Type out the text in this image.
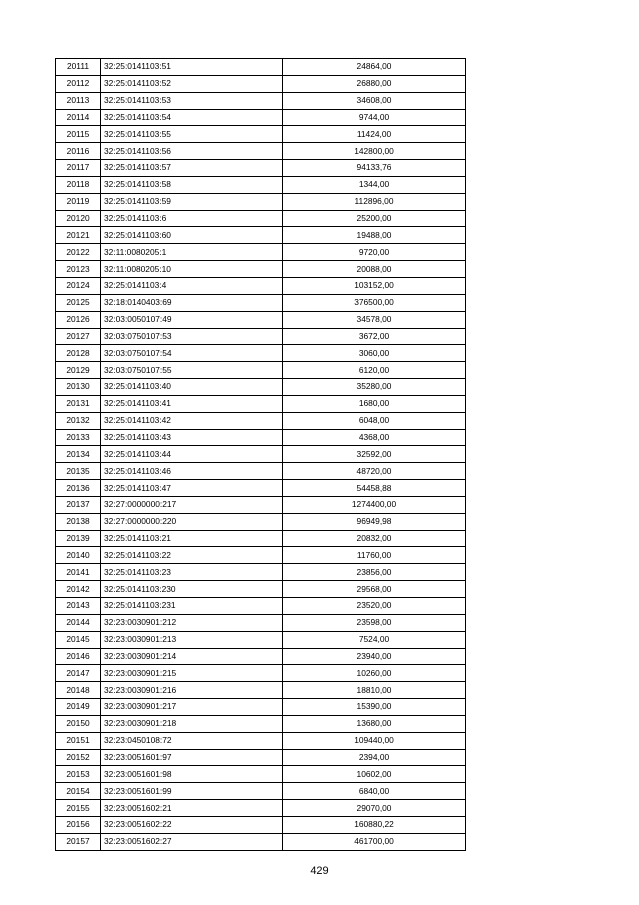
20111	32:25:0141103:51	24864,00
20112	32:25:0141103:52	26880,00
20113	32:25:0141103:53	34608,00
20114	32:25:0141103:54	9744,00
20115	32:25:0141103:55	11424,00
20116	32:25:0141103:56	142800,00
20117	32:25:0141103:57	94133,76
20118	32:25:0141103:58	1344,00
20119	32:25:0141103:59	112896,00
20120	32:25:0141103:6	25200,00
20121	32:25:0141103:60	19488,00
20122	32:11:0080205:1	9720,00
20123	32:11:0080205:10	20088,00
20124	32:25:0141103:4	103152,00
20125	32:18:0140403:69	376500,00
20126	32:03:0050107:49	34578,00
20127	32:03:0750107:53	3672,00
20128	32:03:0750107:54	3060,00
20129	32:03:0750107:55	6120,00
20130	32:25:0141103:40	35280,00
20131	32:25:0141103:41	1680,00
20132	32:25:0141103:42	6048,00
20133	32:25:0141103:43	4368,00
20134	32:25:0141103:44	32592,00
20135	32:25:0141103:46	48720,00
20136	32:25:0141103:47	54458,88
20137	32:27:0000000:217	1274400,00
20138	32:27:0000000:220	96949,98
20139	32:25:0141103:21	20832,00
20140	32:25:0141103:22	11760,00
20141	32:25:0141103:23	23856,00
20142	32:25:0141103:230	29568,00
20143	32:25:0141103:231	23520,00
20144	32:23:0030901:212	23598,00
20145	32:23:0030901:213	7524,00
20146	32:23:0030901:214	23940,00
20147	32:23:0030901:215	10260,00
20148	32:23:0030901:216	18810,00
20149	32:23:0030901:217	15390,00
20150	32:23:0030901:218	13680,00
20151	32:23:0450108:72	109440,00
20152	32:23:0051601:97	2394,00
20153	32:23:0051601:98	10602,00
20154	32:23:0051601:99	6840,00
20155	32:23:0051602:21	29070,00
20156	32:23:0051602:22	160880,22
20157	32:23:0051602:27	461700,00
429
